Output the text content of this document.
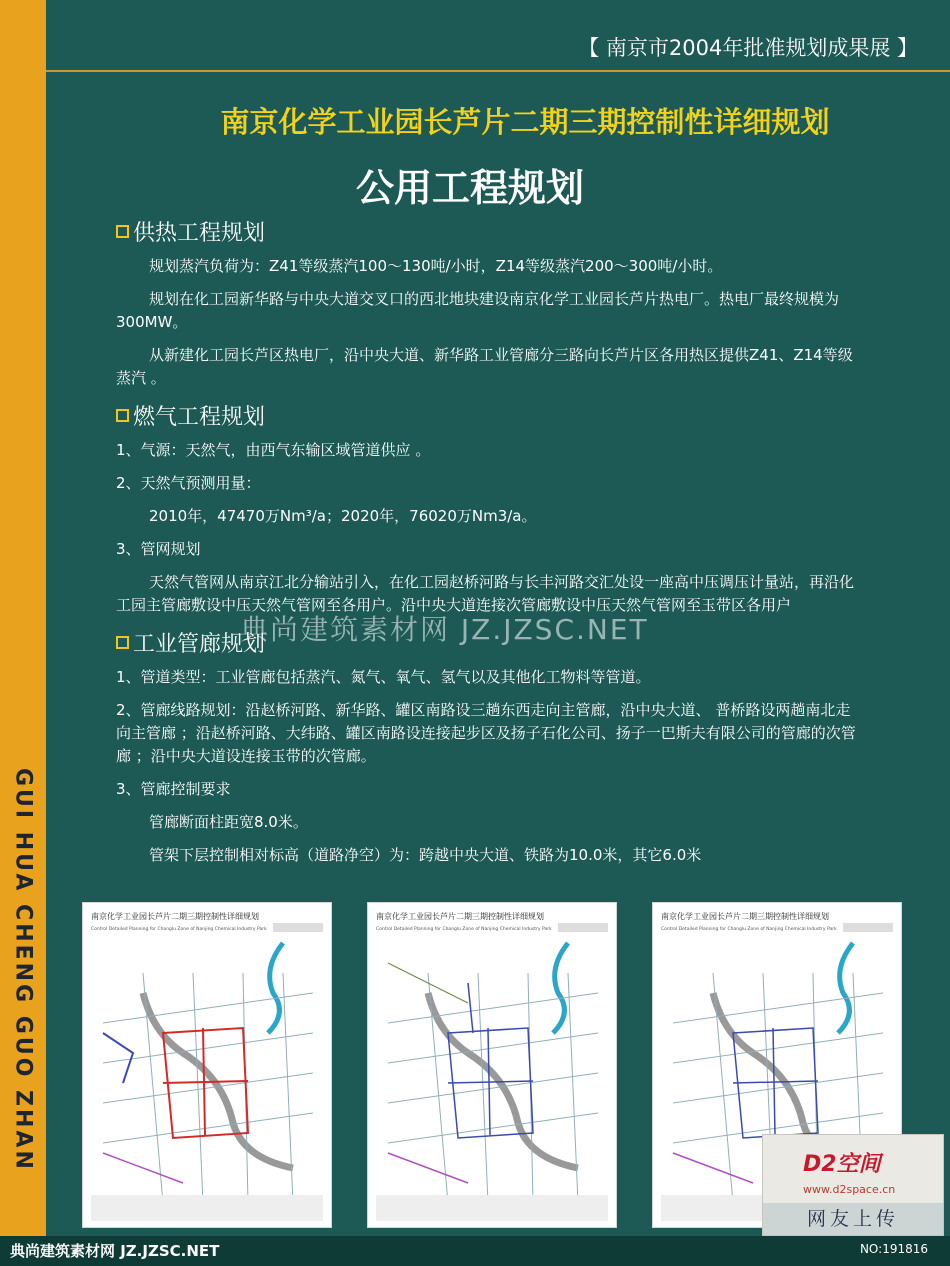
GUI HUA CHENG GUO ZHAN
【 南京市2004年批准规划成果展 】
南京化学工业园长芦片二期三期控制性详细规划
公用工程规划
供热工程规划

规划蒸汽负荷为：Z41等级蒸汽100～130吨/小时，Z14等级蒸汽200～300吨/小时。

规划在化工园新华路与中央大道交叉口的西北地块建设南京化学工业园长芦片热电厂。热电厂最终规模为300MW。

从新建化工园长芦区热电厂，沿中央大道、新华路工业管廊分三路向长芦片区各用热区提供Z41、Z14等级蒸汽 。

燃气工程规划

1、气源：天然气，由西气东输区域管道供应 。

2、天然气预测用量：

2010年，47470万Nm³/a；2020年，76020万Nm3/a。

3、管网规划

天然气管网从南京江北分输站引入，在化工园赵桥河路与长丰河路交汇处设一座高中压调压计量站，再沿化工园主管廊敷设中压天然气管网至各用户。沿中央大道连接次管廊敷设中压天然气管网至玉带区各用户

工业管廊规划

1、管道类型：工业管廊包括蒸汽、氮气、氧气、氢气以及其他化工物料等管道。

2、管廊线路规划：沿赵桥河路、新华路、罐区南路设三趟东西走向主管廊，沿中央大道、 普桥路设两趟南北走向主管廊 ；沿赵桥河路、大纬路、罐区南路设连接起步区及扬子石化公司、扬子一巴斯夫有限公司的管廊的次管廊 ；沿中央大道设连接玉带的次管廊。

3、管廊控制要求

管廊断面柱距宽8.0米。

管架下层控制相对标高（道路净空）为：跨越中央大道、铁路为10.0米，其它6.0米

典尚建筑素材网 JZ.JZSC.NET
南京化学工业园长芦片二期三期控制性详细规划
Control Detailed Planning for Changlu Zone of Nanjing Chemical Industry Park
南京化学工业园长芦片二期三期控制性详细规划
Control Detailed Planning for Changlu Zone of Nanjing Chemical Industry Park
南京化学工业园长芦片二期三期控制性详细规划
Control Detailed Planning for Changlu Zone of Nanjing Chemical Industry Park
D2空间
www.d2space.cn
网友上传
典尚建筑素材网 JZ.JZSC.NET	NO:191816
